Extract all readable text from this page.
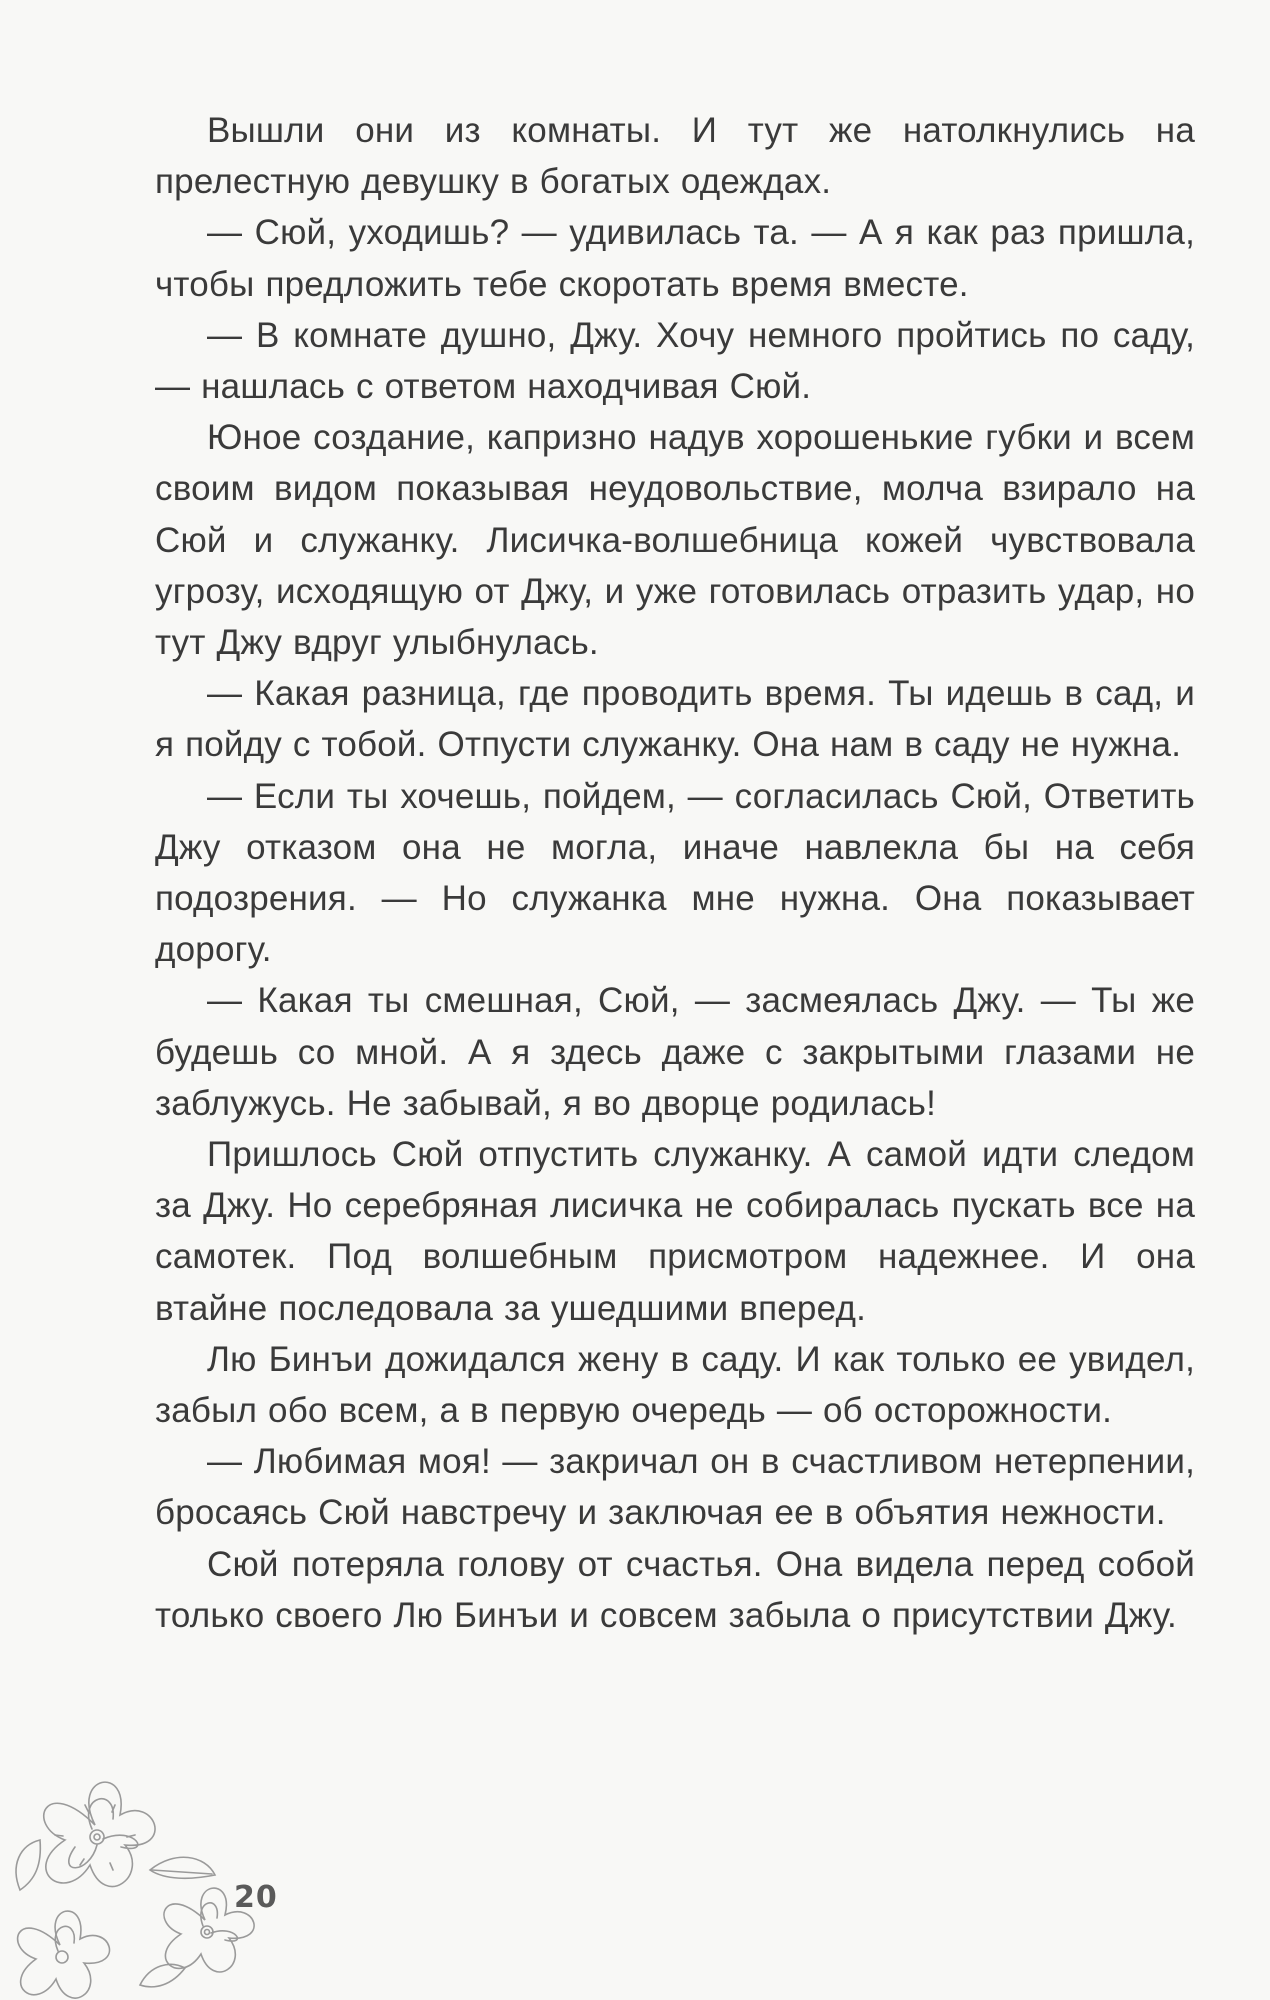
Вышли они из комнаты. И тут же натолкнулись на прелестную девушку в богатых одеждах.

— Сюй, уходишь? — удивилась та. — А я как раз пришла, чтобы предложить тебе скоротать время вместе.

— В комнате душно, Джу. Хочу немного пройтись по саду, — нашлась с ответом находчивая Сюй.

Юное создание, капризно надув хорошенькие губки и всем своим видом показывая неудовольствие, молча взирало на Сюй и служанку. Лисичка-волшебница кожей чувствовала угрозу, исходящую от Джу, и уже готовилась отразить удар, но тут Джу вдруг улыбнулась.

— Какая разница, где проводить время. Ты идешь в сад, и я пойду с тобой. Отпусти служанку. Она нам в саду не нужна.

— Если ты хочешь, пойдем, — согласилась Сюй, Ответить Джу отказом она не могла, иначе навлекла бы на себя подозрения. — Но служанка мне нужна. Она показывает дорогу.

— Какая ты смешная, Сюй, — засмеялась Джу. — Ты же будешь со мной. А я здесь даже с закрытыми глазами не заблужусь. Не забывай, я во дворце родилась!

Пришлось Сюй отпустить служанку. А самой идти следом за Джу. Но серебряная лисичка не собиралась пускать все на самотек. Под волшебным присмотром надежнее. И она втайне последовала за ушедшими вперед.

Лю Бинъи дожидался жену в саду. И как только ее увидел, забыл обо всем, а в первую очередь — об осторожности.

— Любимая моя! — закричал он в счастливом нетерпении, бросаясь Сюй навстречу и заключая ее в объятия нежности.

Сюй потеряла голову от счастья. Она видела перед собой только своего Лю Бинъи и совсем забыла о присутствии Джу.

20
